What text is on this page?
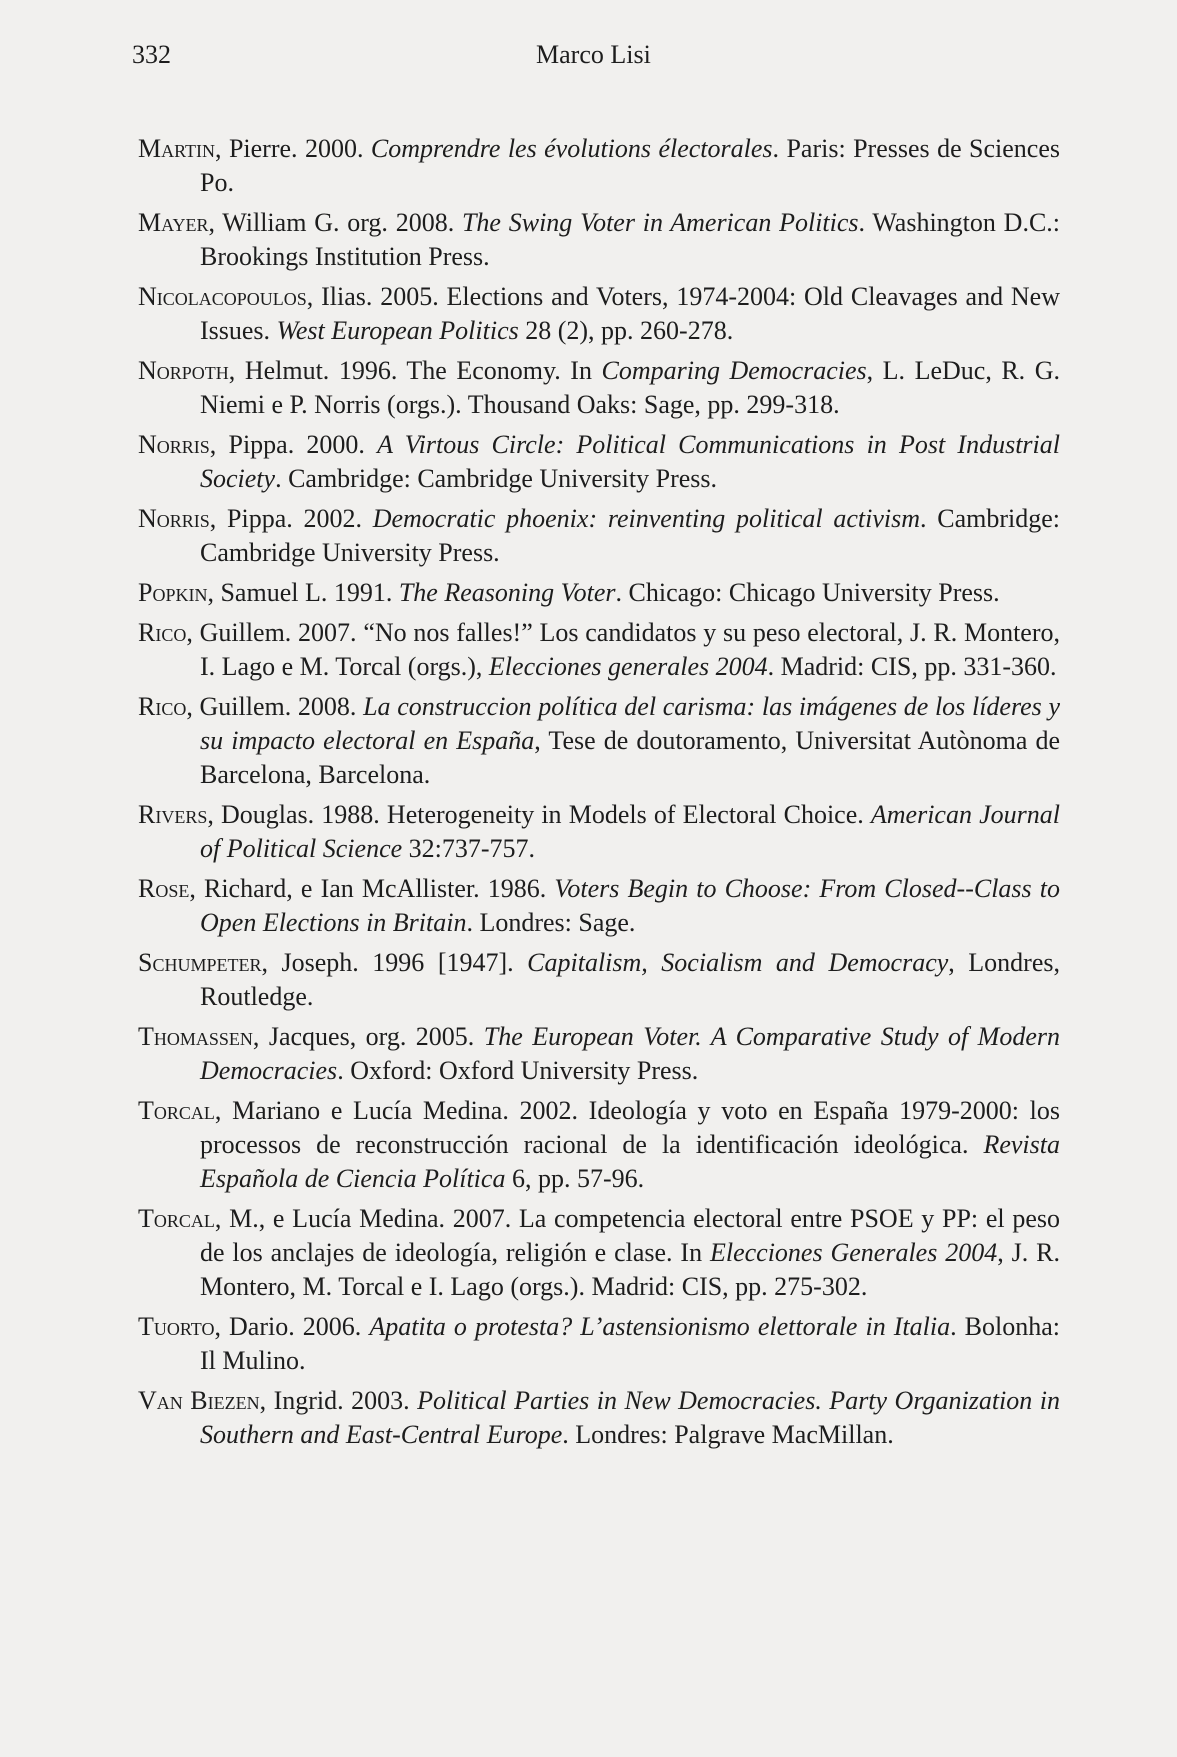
332	Marco Lisi
Martin, Pierre. 2000. Comprendre les évolutions électorales. Paris: Presses de Sciences Po.
Mayer, William G. org. 2008. The Swing Voter in American Politics. Washington D.C.: Brookings Institution Press.
Nicolacopoulos, Ilias. 2005. Elections and Voters, 1974-2004: Old Cleavages and New Issues. West European Politics 28 (2), pp. 260-278.
Norpoth, Helmut. 1996. The Economy. In Comparing Democracies, L. LeDuc, R. G. Niemi e P. Norris (orgs.). Thousand Oaks: Sage, pp. 299-318.
Norris, Pippa. 2000. A Virtous Circle: Political Communications in Post Industrial Society. Cambridge: Cambridge University Press.
Norris, Pippa. 2002. Democratic phoenix: reinventing political activism. Cambridge: Cambridge University Press.
Popkin, Samuel L. 1991. The Reasoning Voter. Chicago: Chicago University Press.
Rico, Guillem. 2007. “No nos falles!” Los candidatos y su peso electoral, J. R. Montero, I. Lago e M. Torcal (orgs.), Elecciones generales 2004. Madrid: CIS, pp. 331-360.
Rico, Guillem. 2008. La construccion política del carisma: las imágenes de los líderes y su impacto electoral en España, Tese de doutoramento, Universitat Autònoma de Barcelona, Barcelona.
Rivers, Douglas. 1988. Heterogeneity in Models of Electoral Choice. American Journal of Political Science 32:737-757.
Rose, Richard, e Ian McAllister. 1986. Voters Begin to Choose: From Closed--Class to Open Elections in Britain. Londres: Sage.
Schumpeter, Joseph. 1996 [1947]. Capitalism, Socialism and Democracy, Londres, Routledge.
Thomassen, Jacques, org. 2005. The European Voter. A Comparative Study of Modern Democracies. Oxford: Oxford University Press.
Torcal, Mariano e Lucía Medina. 2002. Ideología y voto en España 1979-2000: los processos de reconstrucción racional de la identificación ideológica. Revista Española de Ciencia Política 6, pp. 57-96.
Torcal, M., e Lucía Medina. 2007. La competencia electoral entre PSOE y PP: el peso de los anclajes de ideología, religión e clase. In Elecciones Generales 2004, J. R. Montero, M. Torcal e I. Lago (orgs.). Madrid: CIS, pp. 275-302.
Tuorto, Dario. 2006. Apatita o protesta? L’astensionismo elettorale in Italia. Bolonha: Il Mulino.
Van Biezen, Ingrid. 2003. Political Parties in New Democracies. Party Organization in Southern and East-Central Europe. Londres: Palgrave MacMillan.
